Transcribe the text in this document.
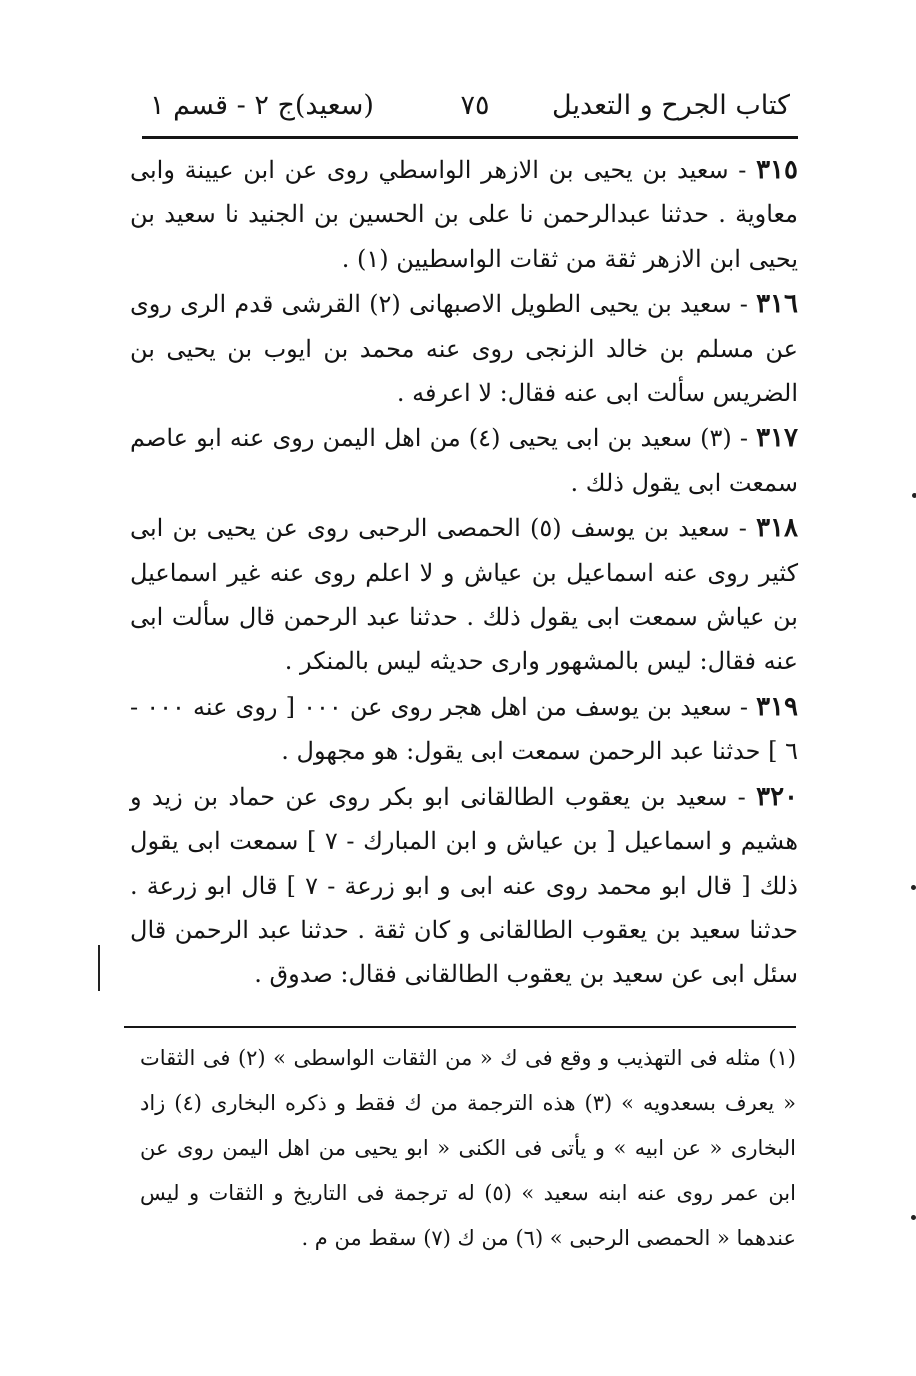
كتاب الجرح و التعديل
٧٥
(سعيد)ج ٢ - قسم ١

٣١٥ - سعيد بن يحيى بن الازهر الواسطي روى عن ابن عيينة وابى معاوية . حدثنا عبدالرحمن نا على بن الحسين بن الجنيد نا سعيد بن يحيى ابن الازهر ثقة من ثقات الواسطيين (١) .

٣١٦ - سعيد بن يحيى الطويل الاصبهانى (٢) القرشى قدم الرى روى عن مسلم بن خالد الزنجى روى عنه محمد بن ايوب بن يحيى بن الضريس سألت ابى عنه فقال: لا اعرفه .

٣١٧ - (٣) سعيد بن ابى يحيى (٤) من اهل اليمن روى عنه ابو عاصم سمعت ابى يقول ذلك .

٣١٨ - سعيد بن يوسف (٥) الحمصى الرحبى روى عن يحيى بن ابى كثير روى عنه اسماعيل بن عياش و لا اعلم روى عنه غير اسماعيل بن عياش سمعت ابى يقول ذلك . حدثنا عبد الرحمن قال سألت ابى عنه فقال: ليس بالمشهور وارى حديثه ليس بالمنكر .

٣١٩ - سعيد بن يوسف من اهل هجر روى عن ٠٠٠ [ روى عنه ٠٠٠ - ٦ ] حدثنا عبد الرحمن سمعت ابى يقول: هو مجهول .

٣٢٠ - سعيد بن يعقوب الطالقانى ابو بكر روى عن حماد بن زيد و هشيم و اسماعيل [ بن عياش و ابن المبارك - ٧ ] سمعت ابى يقول ذلك [ قال ابو محمد روى عنه ابى و ابو زرعة - ٧ ] قال ابو زرعة . حدثنا سعيد بن يعقوب الطالقانى و كان ثقة . حدثنا عبد الرحمن قال سئل ابى عن سعيد بن يعقوب الطالقانى فقال: صدوق .

(١) مثله فى التهذيب و وقع فى ك « من الثقات الواسطى » (٢) فى الثقات « يعرف بسعدويه » (٣) هذه الترجمة من ك فقط و ذكره البخارى (٤) زاد البخارى « عن ابيه » و يأتى فى الكنى « ابو يحيى من اهل اليمن روى عن ابن عمر روى عنه ابنه سعيد » (٥) له ترجمة فى التاريخ و الثقات و ليس عندهما « الحمصى الرحبى » (٦) من ك (٧) سقط من م .
